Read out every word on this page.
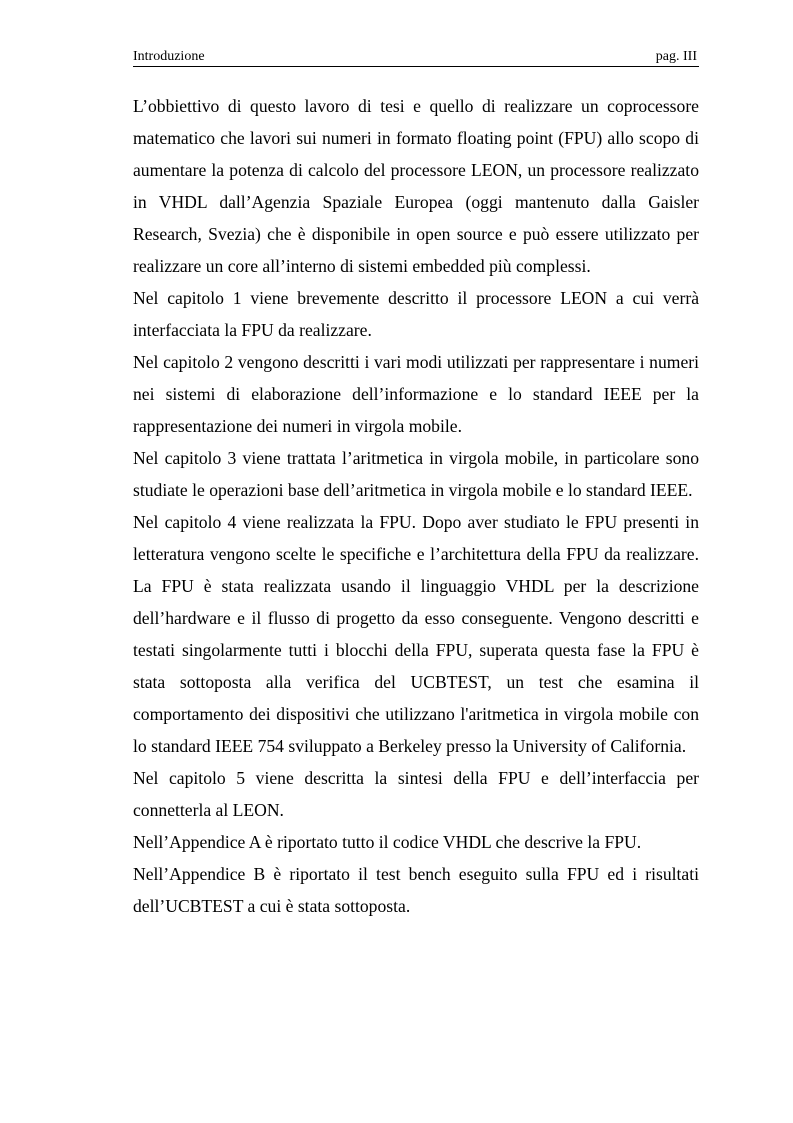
Introduzione	pag. III

L’obbiettivo di questo lavoro di tesi e quello di realizzare un coprocessore matematico che lavori sui numeri in formato floating point (FPU) allo scopo di aumentare la potenza di calcolo del processore LEON, un processore realizzato in VHDL dall’Agenzia Spaziale Europea (oggi mantenuto dalla Gaisler Research, Svezia) che è disponibile in open source e può essere utilizzato per realizzare un core all’interno di sistemi embedded più complessi.

Nel capitolo 1 viene brevemente descritto il processore LEON a cui verrà interfacciata la FPU da realizzare.

Nel capitolo 2 vengono descritti i vari modi utilizzati per rappresentare i numeri nei sistemi di elaborazione dell’informazione e lo standard IEEE per la rappresentazione dei numeri in virgola mobile.

Nel capitolo 3 viene trattata l’aritmetica in virgola mobile, in particolare sono studiate le operazioni base dell’aritmetica in virgola mobile e lo standard IEEE.

Nel capitolo 4 viene realizzata la FPU. Dopo aver studiato le FPU presenti in letteratura vengono scelte le specifiche e l’architettura della FPU da realizzare. La FPU è stata realizzata usando il linguaggio VHDL per la descrizione dell’hardware e il flusso di progetto da esso conseguente. Vengono descritti e testati singolarmente tutti i blocchi della FPU, superata questa fase la FPU è stata sottoposta alla verifica del UCBTEST, un test che esamina il comportamento dei dispositivi che utilizzano l'aritmetica in virgola mobile con lo standard IEEE 754 sviluppato a Berkeley presso la University of California.

Nel capitolo 5 viene descritta la sintesi della FPU e dell’interfaccia per connetterla al LEON.

Nell’Appendice A è riportato tutto il codice VHDL che descrive la FPU.

Nell’Appendice B è riportato il test bench eseguito sulla FPU ed i risultati dell’UCBTEST a cui è stata sottoposta.
